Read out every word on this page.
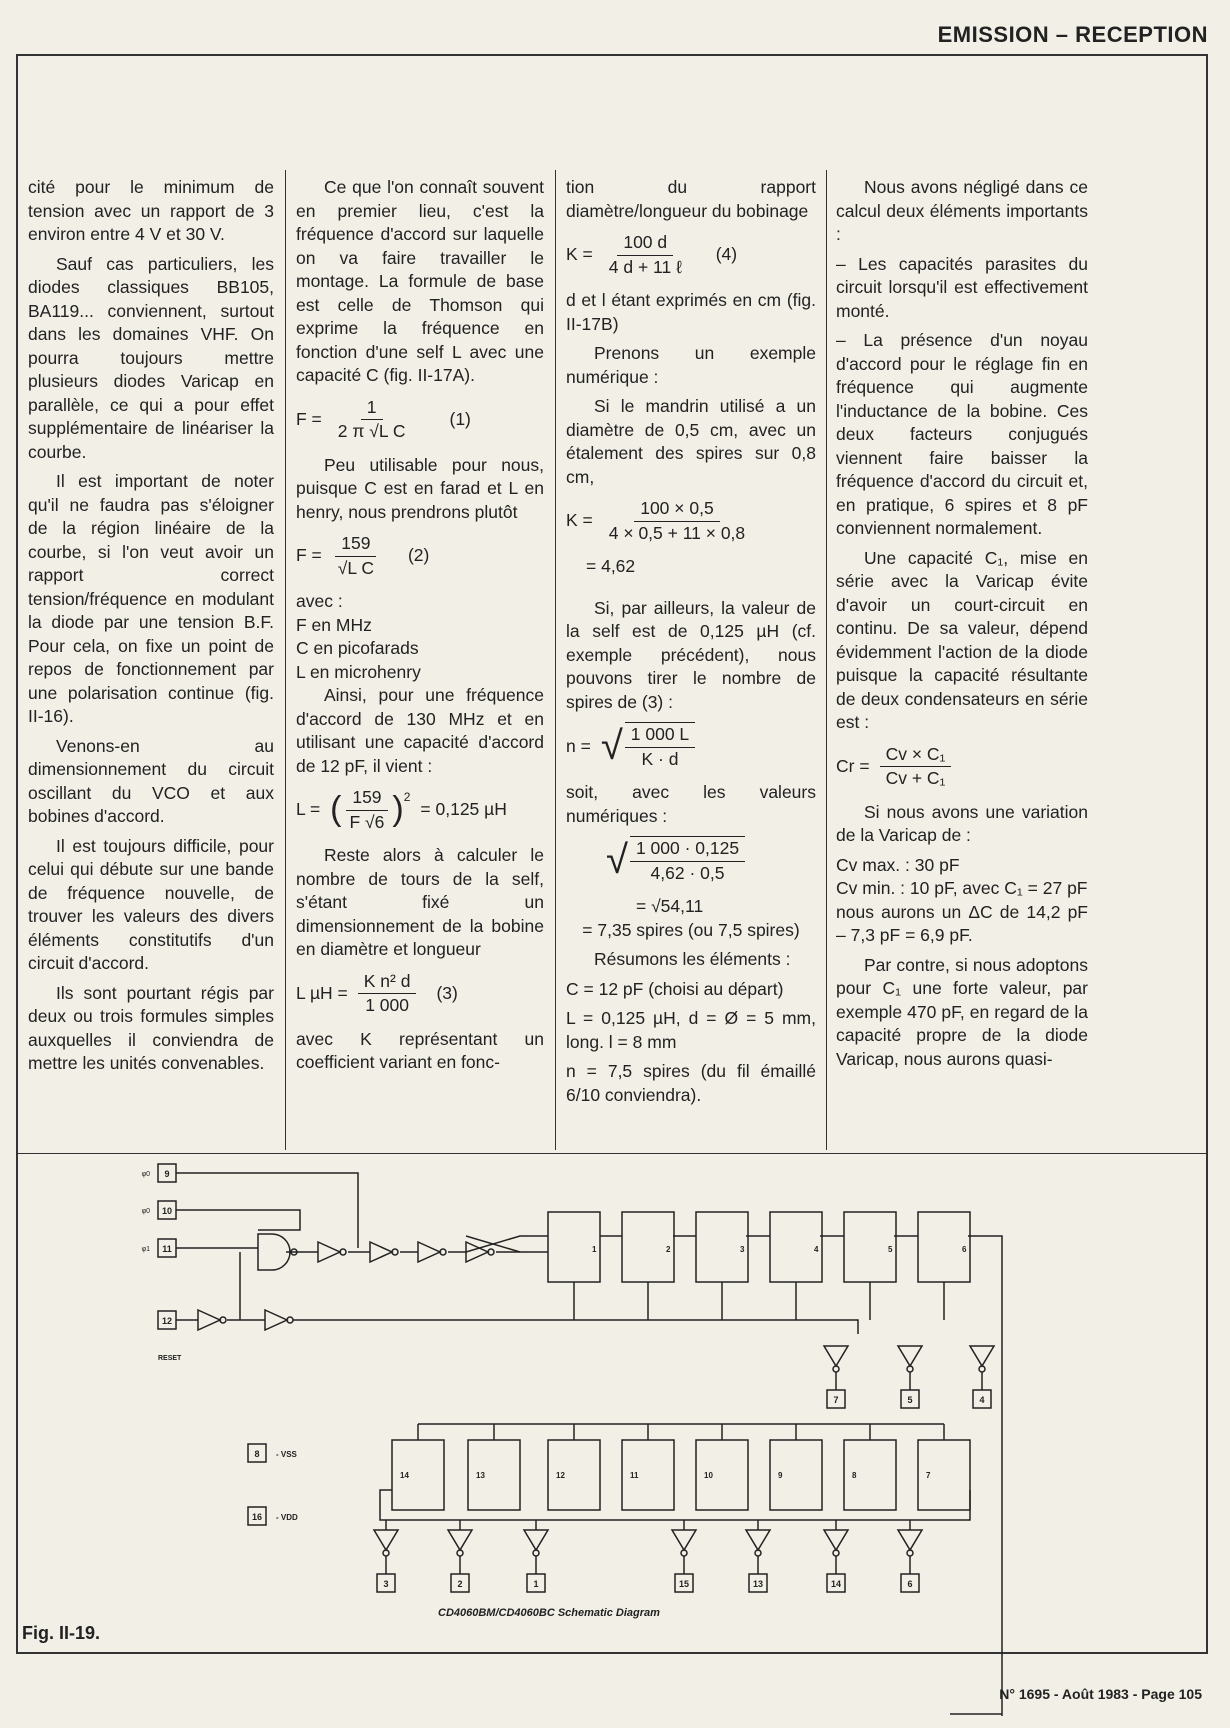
EMISSION – RECEPTION

cité pour le minimum de tension avec un rapport de 3 environ entre 4 V et 30 V.

Sauf cas particuliers, les diodes classiques BB105, BA119... conviennent, surtout dans les domaines VHF. On pourra toujours mettre plusieurs diodes Varicap en parallèle, ce qui a pour effet supplémentaire de linéariser la courbe.

Il est important de noter qu'il ne faudra pas s'éloigner de la région linéaire de la courbe, si l'on veut avoir un rapport correct tension/fréquence en modulant la diode par une tension B.F. Pour cela, on fixe un point de repos de fonctionnement par une polarisation continue (fig. II-16).

Venons-en au dimensionnement du circuit oscillant du VCO et aux bobines d'accord.

Il est toujours difficile, pour celui qui débute sur une bande de fréquence nouvelle, de trouver les valeurs des divers éléments constitutifs d'un circuit d'accord.

Ils sont pourtant régis par deux ou trois formules simples auxquelles il conviendra de mettre les unités convenables.

Ce que l'on connaît souvent en premier lieu, c'est la fréquence d'accord sur laquelle on va faire travailler le montage. La formule de base est celle de Thomson qui exprime la fréquence en fonction d'une self L avec une capacité C (fig. II-17A).

$F = \frac{1}{\text{2 π √L C}} (1)$

Peu utilisable pour nous, puisque C est en farad et L en henry, nous prendrons plutôt

$F = \frac{159}{\text{√L C}} (2)$
avec :
F en MHz
C en picofarads
L en microhenry

Ainsi, pour une fréquence d'accord de 130 MHz et en utilisant une capacité d'accord de 12 pF, il vient :

L = ( $\frac{159}{F √6} )^2$
= 0,125 µH

Reste alors à calculer le nombre de tours de la self, s'étant fixé un dimensionnement de la bobine en diamètre et longueur

L $\mu H = \frac{\text{K n² d}}{1 000} (3)$

avec K représentant un coefficient variant en fonc-

tion du rapport diamètre/longueur du bobinage

$K = \frac{100 d}{\text{4 d + 11 ℓ}} (4)$

d et l étant exprimés en cm (fig. II-17B)

Prenons un exemple numérique :

Si le mandrin utilisé a un diamètre de 0,5 cm, avec un étalement des spires sur 0,8 cm,

$K = \frac{100 \times 0,5}{4 \times 0,5 + 11 \times 0,8}$
= 4,62

Si, par ailleurs, la valeur de la self est de 0,125 µH (cf. exemple précédent), nous pouvons tirer le nombre de spires de (3) :

n = √ $\frac{1 000 L}{K \cdot d}$

soit, avec les valeurs numériques :

√ $\frac{1 000 \cdot 0,125}{4,62 \cdot 0,5}$
= √54,11

= 7,35 spires (ou 7,5 spires)

Résumons les éléments :

C = 12 pF (choisi au départ)

L = 0,125 µH, d = Ø = 5 mm, long. l = 8 mm

n = 7,5 spires (du fil émaillé 6/10 conviendra).

Nous avons négligé dans ce calcul deux éléments importants :

– Les capacités parasites du circuit lorsqu'il est effectivement monté.

– La présence d'un noyau d'accord pour le réglage fin en fréquence qui augmente l'inductance de la bobine. Ces deux facteurs conjugués viennent faire baisser la fréquence d'accord du circuit et, en pratique, 6 spires et 8 pF conviennent normalement.

Une capacité C₁, mise en série avec la Varicap évite d'avoir un court-circuit en continu. De sa valeur, dépend évidemment l'action de la diode puisque la capacité résultante de deux condensateurs en série est :

$Cr = \frac{\text{Cv × C₁}}{\text{Cv + C₁}}$

Si nous avons une variation de la Varicap de :

Cv max. : 30 pF
Cv min. : 10 pF, avec C₁ = 27 pF

nous aurons un ΔC de 14,2 pF – 7,3 pF = 6,9 pF.

Par contre, si nous adoptons pour C₁ une forte valeur, par exemple 470 pF, en regard de la capacité propre de la diode Varicap, nous aurons quasi-

9
φ0
10
φ0
11
φ1
12
RESET
1	2	3	4	5	6
7	5	4
8 - VSS
16 - VDD
14	13	12	11	10	9	8	7
3	2	1	15	13	14	6
CD4060BM/CD4060BC Schematic Diagram
Fig. II-19.
N° 1695 - Août 1983 - Page 105
